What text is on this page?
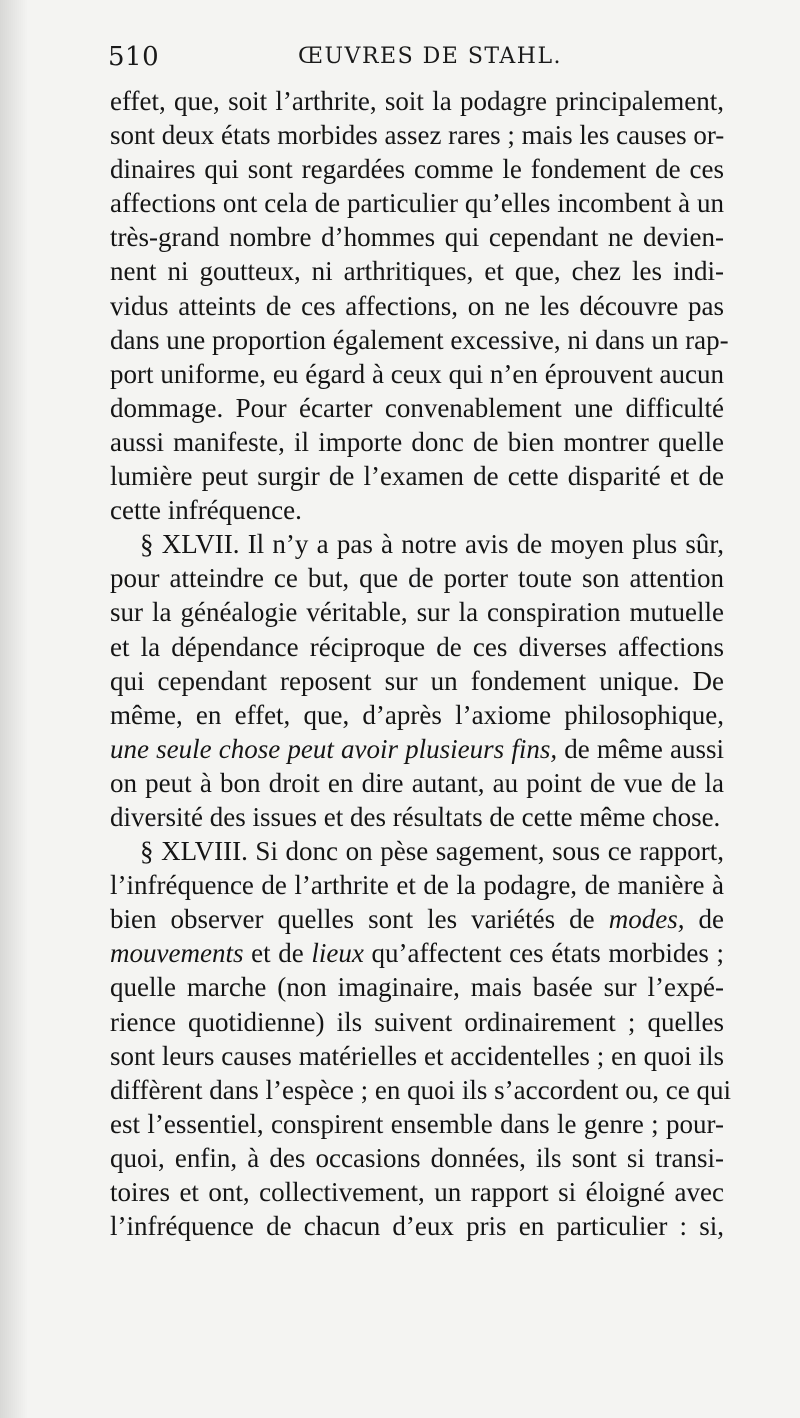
510	ŒUVRES DE STAHL.
effet, que, soit l’arthrite, soit la podagre principalement,
sont deux états morbides assez rares ; mais les causes or-
dinaires qui sont regardées comme le fondement de ces
affections ont cela de particulier qu’elles incombent à un
très-grand nombre d’hommes qui cependant ne devien-
nent ni goutteux, ni arthritiques, et que, chez les indi-
vidus atteints de ces affections, on ne les découvre pas
dans une proportion également excessive, ni dans un rap-
port uniforme, eu égard à ceux qui n’en éprouvent aucun
dommage. Pour écarter convenablement une difficulté
aussi manifeste, il importe donc de bien montrer quelle
lumière peut surgir de l’examen de cette disparité et de
cette infréquence.
§ XLVII. Il n’y a pas à notre avis de moyen plus sûr,
pour atteindre ce but, que de porter toute son attention
sur la généalogie véritable, sur la conspiration mutuelle
et la dépendance réciproque de ces diverses affections
qui cependant reposent sur un fondement unique. De
même, en effet, que, d’après l’axiome philosophique,
une seule chose peut avoir plusieurs fins, de même aussi
on peut à bon droit en dire autant, au point de vue de la
diversité des issues et des résultats de cette même chose.
§ XLVIII. Si donc on pèse sagement, sous ce rapport,
l’infréquence de l’arthrite et de la podagre, de manière à
bien observer quelles sont les variétés de modes, de
mouvements et de lieux qu’affectent ces états morbides ;
quelle marche (non imaginaire, mais basée sur l’expé-
rience quotidienne) ils suivent ordinairement ; quelles
sont leurs causes matérielles et accidentelles ; en quoi ils
diffèrent dans l’espèce ; en quoi ils s’accordent ou, ce qui
est l’essentiel, conspirent ensemble dans le genre ; pour-
quoi, enfin, à des occasions données, ils sont si transi-
toires et ont, collectivement, un rapport si éloigné avec
l’infréquence de chacun d’eux pris en particulier : si,
